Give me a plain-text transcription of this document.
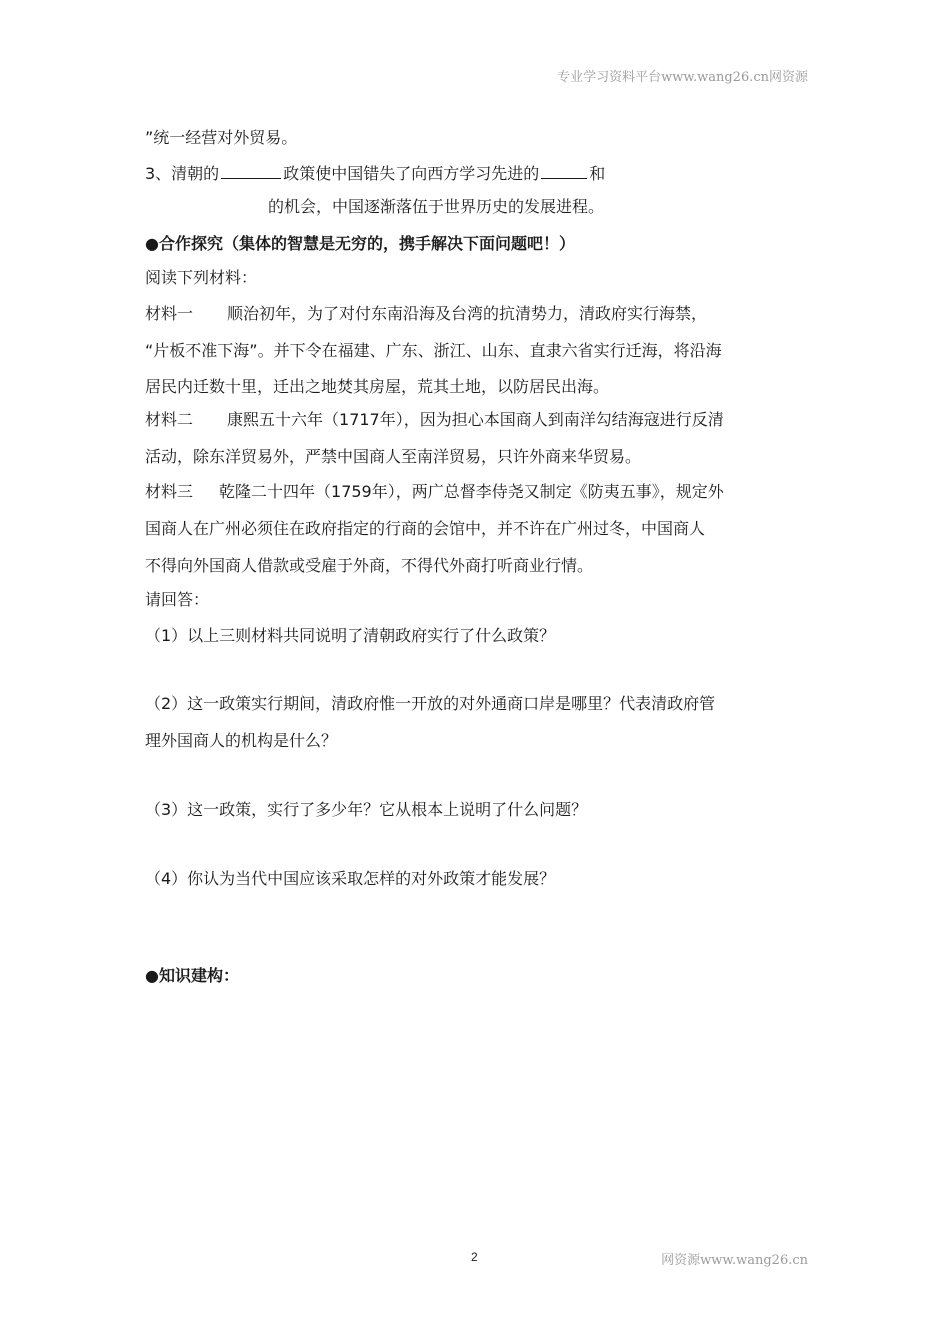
专业学习资料平台www.wang26.cn网资源
”统一经营对外贸易。
3、清朝的	政策使中国错失了向西方学习先进的	和
的机会，中国逐渐落伍于世界历史的发展进程。
●合作探究（集体的智慧是无穷的，携手解决下面问题吧！）
阅读下列材料：
材料一 顺治初年，为了对付东南沿海及台湾的抗清势力，清政府实行海禁，
“片板不准下海”。并下令在福建、广东、浙江、山东、直隶六省实行迁海，将沿海
居民内迁数十里，迁出之地焚其房屋，荒其土地，以防居民出海。
材料二 康熙五十六年（1717年），因为担心本国商人到南洋勾结海寇进行反清
活动，除东洋贸易外，严禁中国商人至南洋贸易，只许外商来华贸易。
材料三 乾隆二十四年（1759年），两广总督李侍尧又制定《防夷五事》，规定外
国商人在广州必须住在政府指定的行商的会馆中，并不许在广州过冬，中国商人
不得向外国商人借款或受雇于外商，不得代外商打听商业行情。
请回答：
（1）以上三则材料共同说明了清朝政府实行了什么政策？
（2）这一政策实行期间，清政府惟一开放的对外通商口岸是哪里？代表清政府管
理外国商人的机构是什么？
（3）这一政策，实行了多少年？它从根本上说明了什么问题？
（4）你认为当代中国应该采取怎样的对外政策才能发展？
●知识建构：
2	网资源www.wang26.cn
